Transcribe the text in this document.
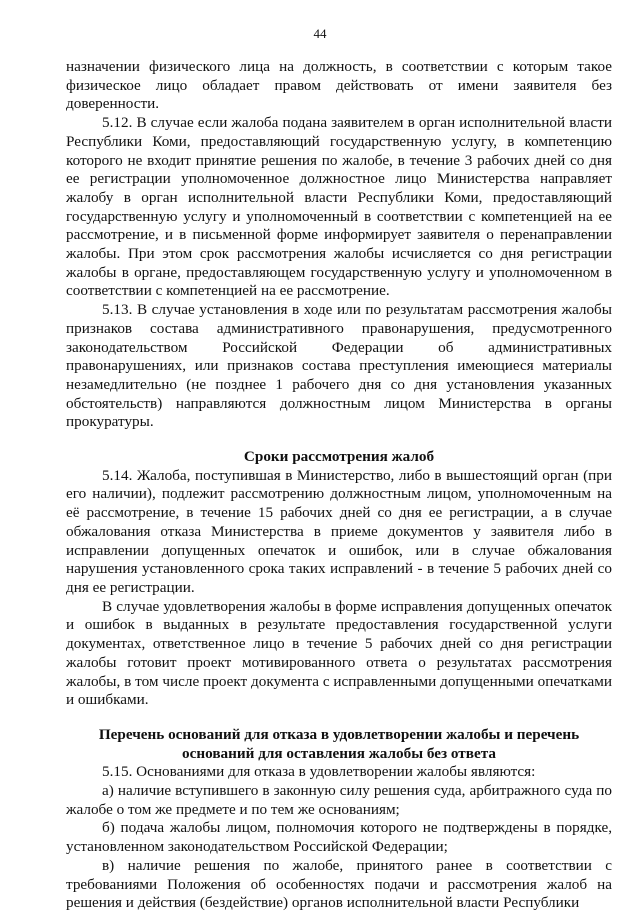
44

назначении физического лица на должность, в соответствии с которым такое физическое лицо обладает правом действовать от имени заявителя без доверенности.

5.12. В случае если жалоба подана заявителем в орган исполнительной власти Республики Коми, предоставляющий государственную услугу, в компетенцию которого не входит принятие решения по жалобе, в течение 3 рабочих дней со дня ее регистрации уполномоченное должностное лицо Министерства направляет жалобу в орган исполнительной власти Республики Коми, предоставляющий государственную услугу и уполномоченный в соответствии с компетенцией на ее рассмотрение, и в письменной форме информирует заявителя о перенаправлении жалобы. При этом срок рассмотрения жалобы исчисляется со дня регистрации жалобы в органе, предоставляющем государственную услугу и уполномоченном в соответствии с компетенцией на ее рассмотрение.

5.13. В случае установления в ходе или по результатам рассмотрения жалобы признаков состава административного правонарушения, предусмотренного законодательством Российской Федерации об административных правонарушениях, или признаков состава преступления имеющиеся материалы незамедлительно (не позднее 1 рабочего дня со дня установления указанных обстоятельств) направляются должностным лицом Министерства в органы прокуратуры.

Сроки рассмотрения жалоб

5.14. Жалоба, поступившая в Министерство, либо в вышестоящий орган (при его наличии), подлежит рассмотрению должностным лицом, уполномоченным на её рассмотрение, в течение 15 рабочих дней со дня ее регистрации, а в случае обжалования отказа Министерства в приеме документов у заявителя либо в исправлении допущенных опечаток и ошибок, или в случае обжалования нарушения установленного срока таких исправлений - в течение 5 рабочих дней со дня ее регистрации.

В случае удовлетворения жалобы в форме исправления допущенных опечаток и ошибок в выданных в результате предоставления государственной услуги документах, ответственное лицо в течение 5 рабочих дней со дня регистрации жалобы готовит проект мотивированного ответа о результатах рассмотрения жалобы, в том числе проект документа с исправленными допущенными опечатками и ошибками.

Перечень оснований для отказа в удовлетворении жалобы и перечень оснований для оставления жалобы без ответа

5.15. Основаниями для отказа в удовлетворении жалобы являются:

а) наличие вступившего в законную силу решения суда, арбитражного суда по жалобе о том же предмете и по тем же основаниям;

б) подача жалобы лицом, полномочия которого не подтверждены в порядке, установленном законодательством Российской Федерации;

в) наличие решения по жалобе, принятого ранее в соответствии с требованиями Положения об особенностях подачи и рассмотрения жалоб на решения и действия (бездействие) органов исполнительной власти Республики
